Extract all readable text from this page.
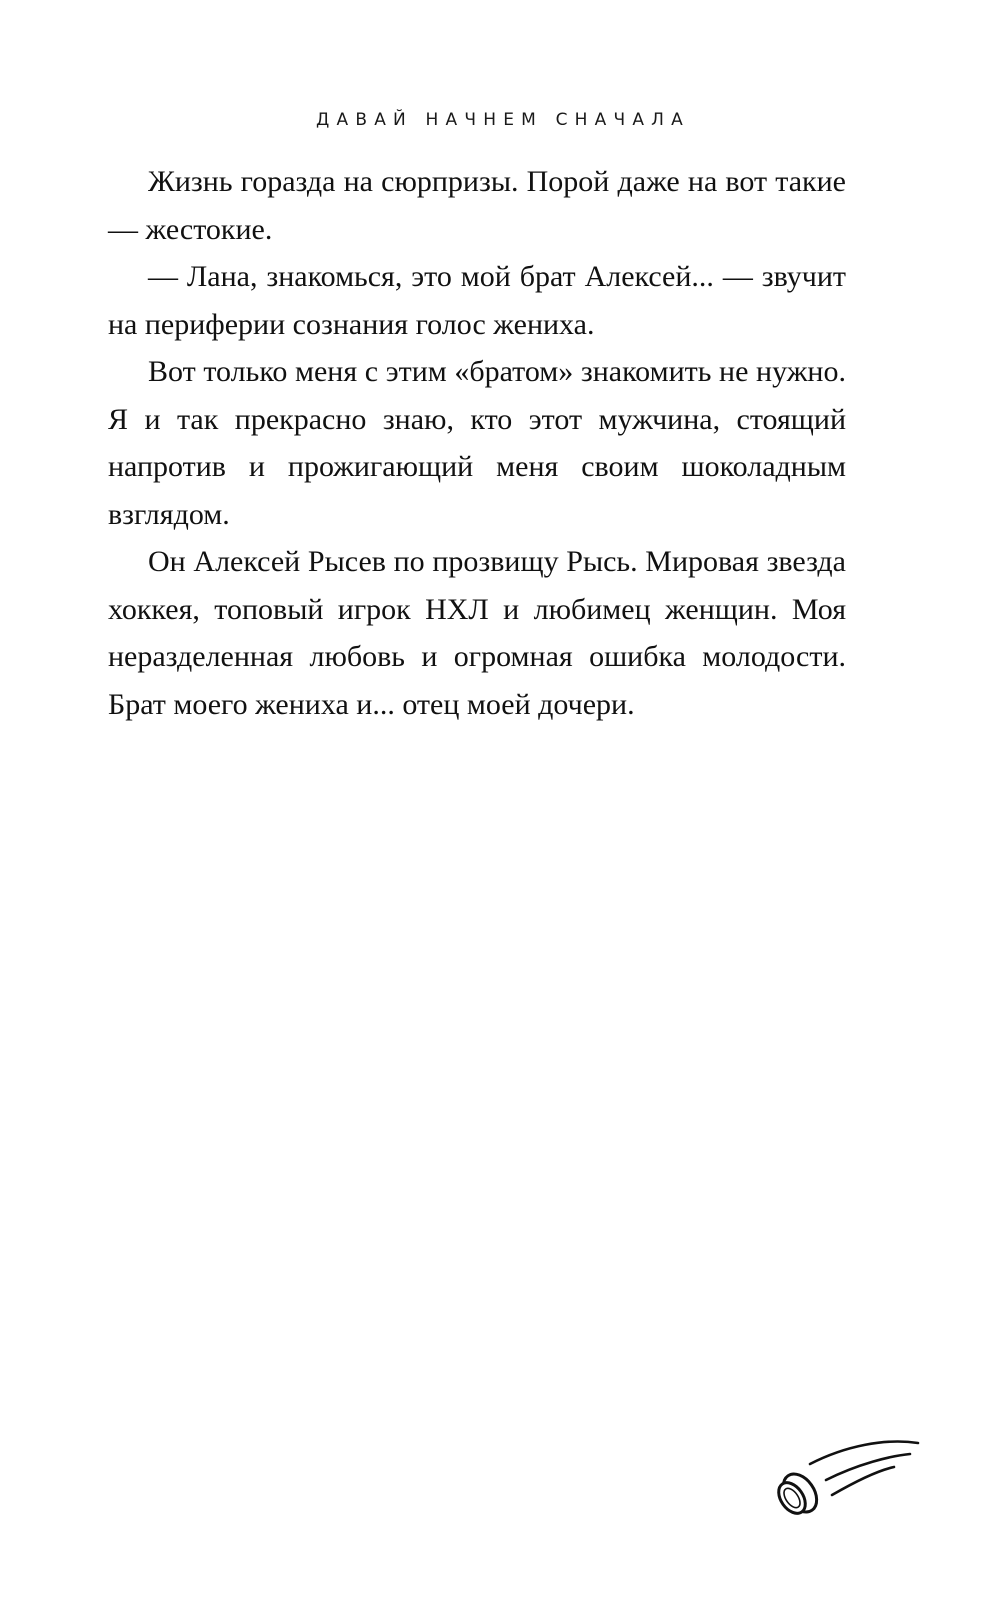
ДАВАЙ НАЧНЕМ СНАЧАЛА

Жизнь горазда на сюрпризы. Порой даже на вот такие — жестокие.

— Лана, знакомься, это мой брат Алексей... — звучит на периферии сознания голос жениха.

Вот только меня с этим «братом» знакомить не нужно. Я и так прекрасно знаю, кто этот мужчина, стоящий напротив и прожигающий меня своим шоколадным взглядом.

Он Алексей Рысев по прозвищу Рысь. Мировая звезда хоккея, топовый игрок НХЛ и любимец женщин. Моя неразделенная любовь и огромная ошибка молодости. Брат моего жениха и... отец моей дочери.
